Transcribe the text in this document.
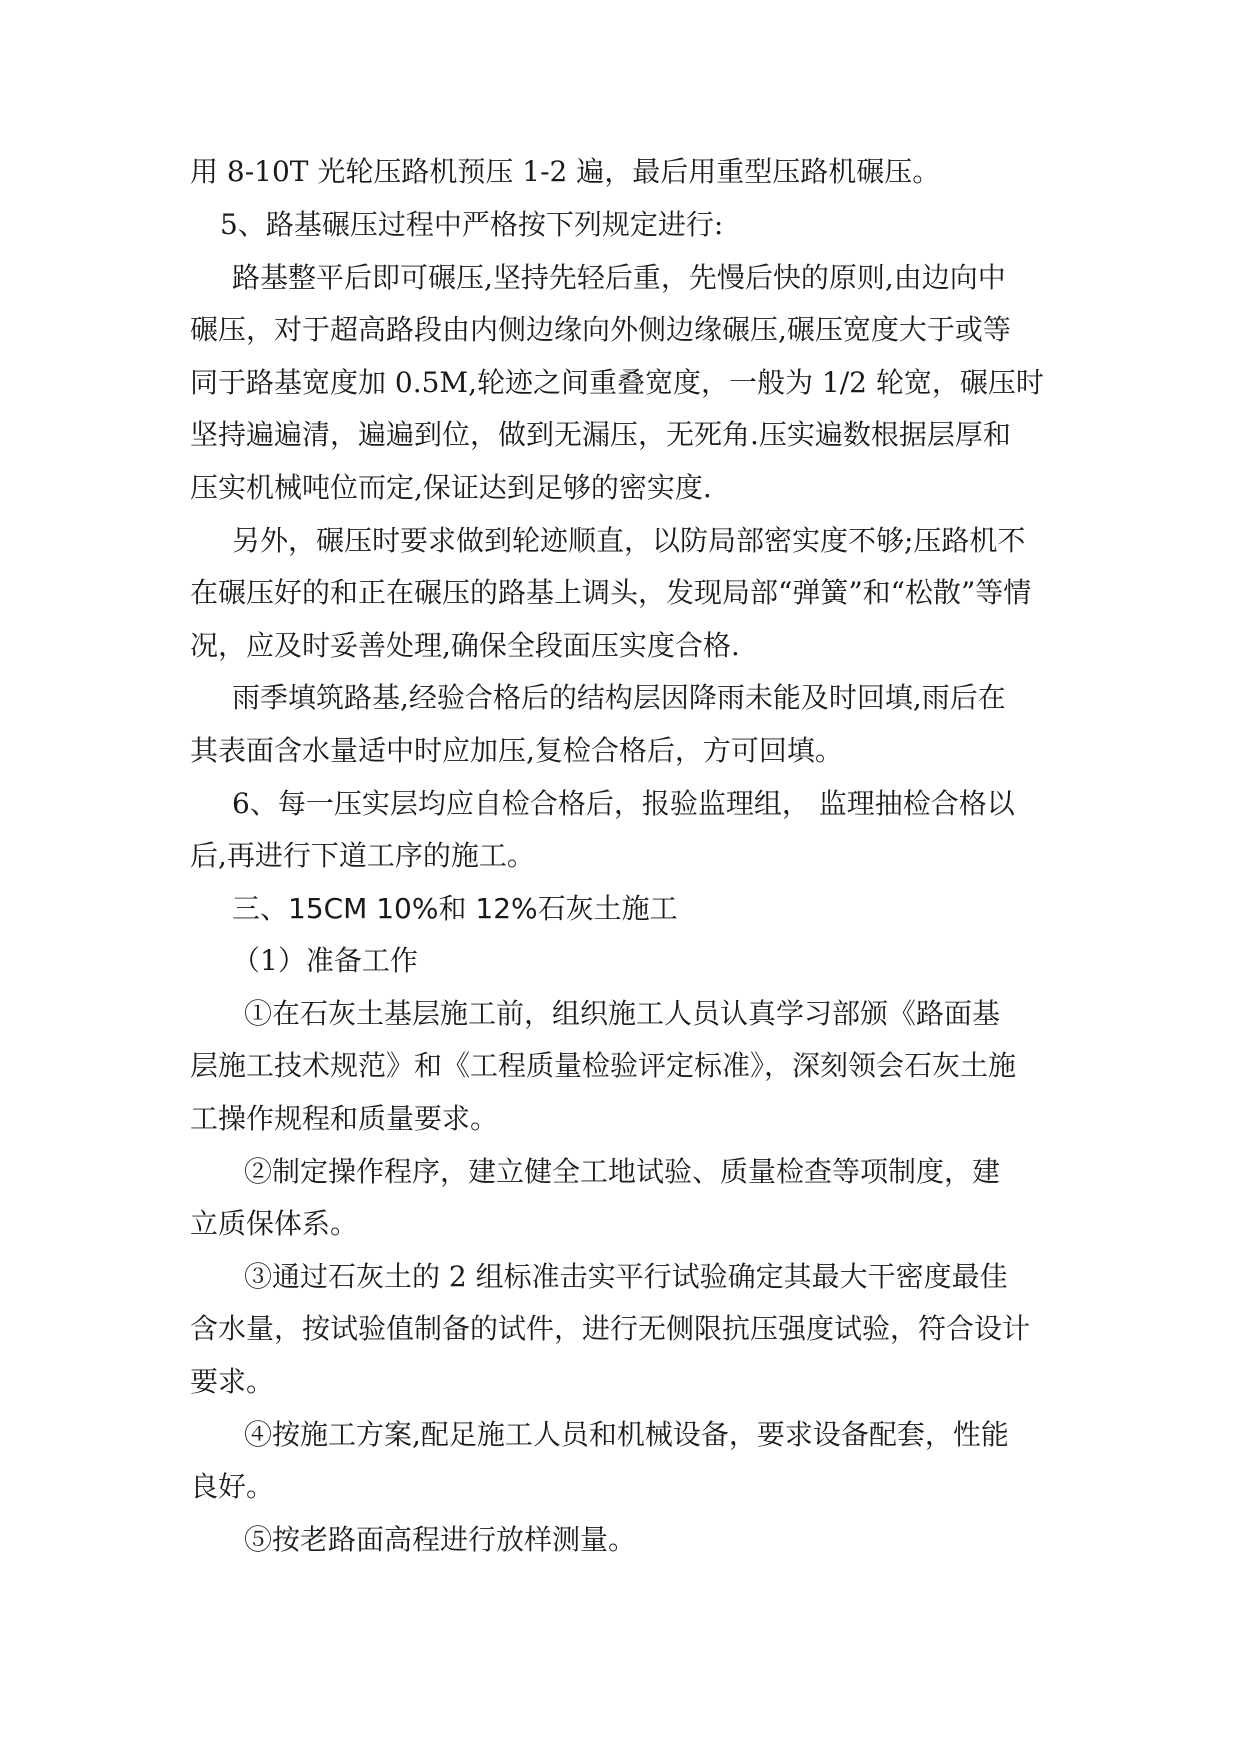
用 8-10T 光轮压路机预压 1-2 遍，最后用重型压路机碾压。

5、路基碾压过程中严格按下列规定进行:

路基整平后即可碾压,坚持先轻后重，先慢后快的原则,由边向中

碾压，对于超高路段由内侧边缘向外侧边缘碾压,碾压宽度大于或等

同于路基宽度加 0.5M,轮迹之间重叠宽度，一般为 1/2 轮宽，碾压时

坚持遍遍清，遍遍到位，做到无漏压，无死角.压实遍数根据层厚和

压实机械吨位而定,保证达到足够的密实度.

另外，碾压时要求做到轮迹顺直，以防局部密实度不够;压路机不

在碾压好的和正在碾压的路基上调头，发现局部“弹簧”和“松散”等情

况，应及时妥善处理,确保全段面压实度合格.

雨季填筑路基,经验合格后的结构层因降雨未能及时回填,雨后在

其表面含水量适中时应加压,复检合格后，方可回填。

6、每一压实层均应自检合格后，报验监理组， 监理抽检合格以

后,再进行下道工序的施工。

三、15CM 10%和 12%石灰土施工

（1）准备工作

①在石灰土基层施工前，组织施工人员认真学习部颁《路面基

层施工技术规范》和《工程质量检验评定标准》，深刻领会石灰土施

工操作规程和质量要求。

②制定操作程序，建立健全工地试验、质量检查等项制度，建

立质保体系。

③通过石灰土的 2 组标准击实平行试验确定其最大干密度最佳

含水量，按试验值制备的试件，进行无侧限抗压强度试验，符合设计

要求。

④按施工方案,配足施工人员和机械设备，要求设备配套，性能

良好。

⑤按老路面高程进行放样测量。
